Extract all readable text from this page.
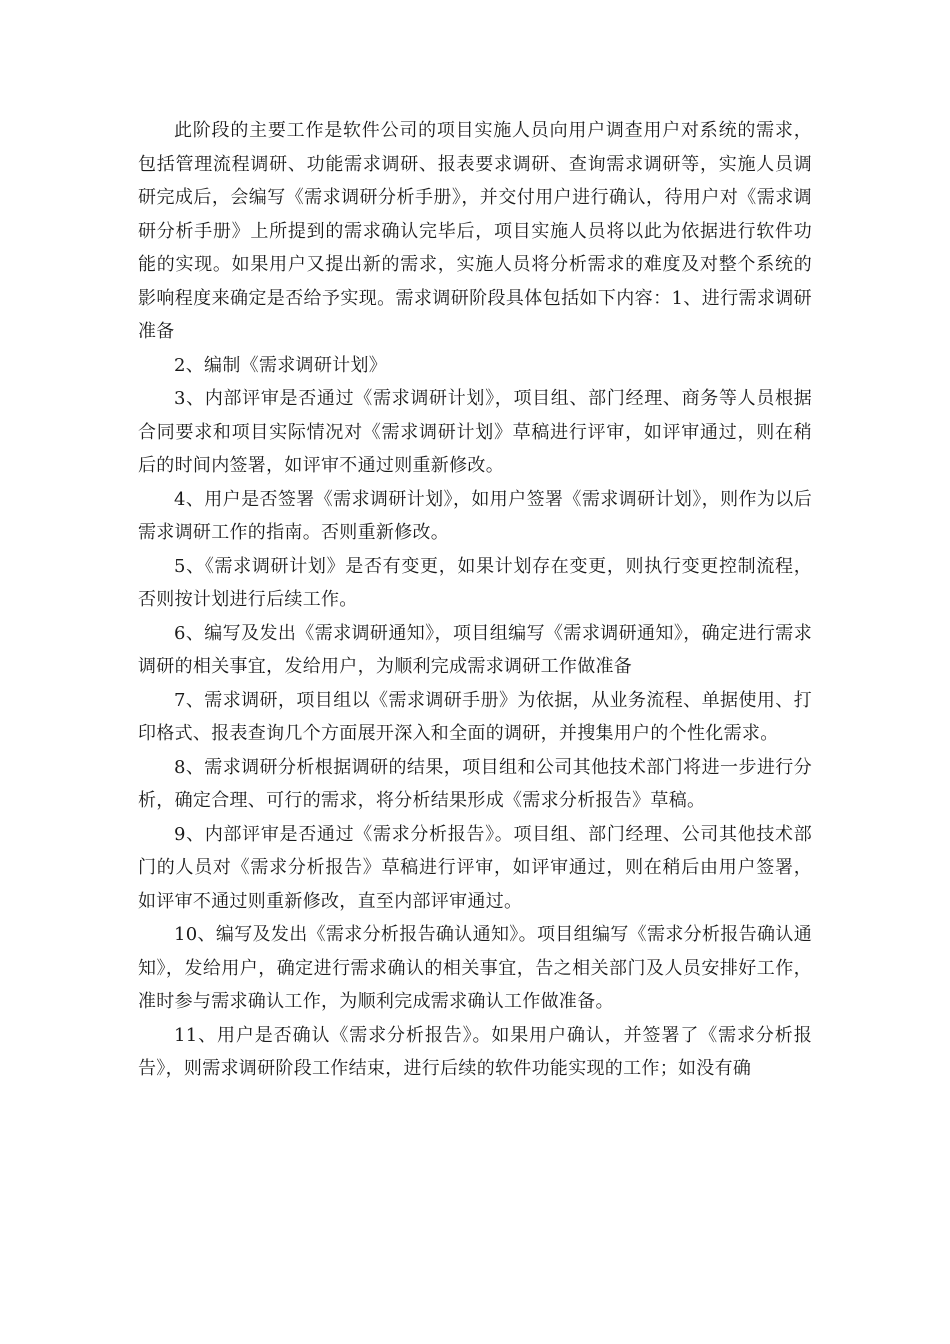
此阶段的主要工作是软件公司的项目实施人员向用户调查用户对系统的需求，包括管理流程调研、功能需求调研、报表要求调研、查询需求调研等，实施人员调研完成后，会编写《需求调研分析手册》，并交付用户进行确认，待用户对《需求调研分析手册》上所提到的需求确认完毕后，项目实施人员将以此为依据进行软件功能的实现。如果用户又提出新的需求，实施人员将分析需求的难度及对整个系统的影响程度来确定是否给予实现。需求调研阶段具体包括如下内容：1、进行需求调研准备

2、编制《需求调研计划》

3、内部评审是否通过《需求调研计划》，项目组、部门经理、商务等人员根据合同要求和项目实际情况对《需求调研计划》草稿进行评审，如评审通过，则在稍后的时间内签署，如评审不通过则重新修改。

4、用户是否签署《需求调研计划》，如用户签署《需求调研计划》，则作为以后需求调研工作的指南。否则重新修改。

5、《需求调研计划》是否有变更，如果计划存在变更，则执行变更控制流程，否则按计划进行后续工作。

6、编写及发出《需求调研通知》，项目组编写《需求调研通知》，确定进行需求调研的相关事宜，发给用户，为顺利完成需求调研工作做准备

7、需求调研，项目组以《需求调研手册》为依据，从业务流程、单据使用、打印格式、报表查询几个方面展开深入和全面的调研，并搜集用户的个性化需求。

8、需求调研分析根据调研的结果，项目组和公司其他技术部门将进一步进行分析，确定合理、可行的需求，将分析结果形成《需求分析报告》草稿。

9、内部评审是否通过《需求分析报告》。项目组、部门经理、公司其他技术部门的人员对《需求分析报告》草稿进行评审，如评审通过，则在稍后由用户签署，如评审不通过则重新修改，直至内部评审通过。

10、编写及发出《需求分析报告确认通知》。项目组编写《需求分析报告确认通知》，发给用户，确定进行需求确认的相关事宜，告之相关部门及人员安排好工作，准时参与需求确认工作，为顺利完成需求确认工作做准备。

11、用户是否确认《需求分析报告》。如果用户确认，并签署了《需求分析报告》，则需求调研阶段工作结束，进行后续的软件功能实现的工作；如没有确
